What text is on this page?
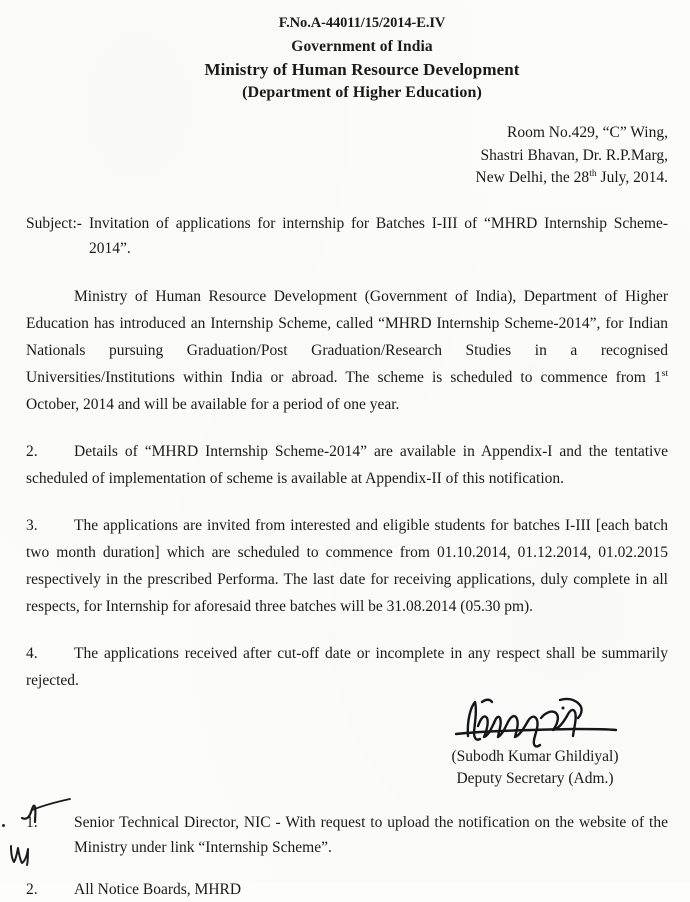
F.No.A-44011/15/2014-E.IV
Government of India
Ministry of Human Resource Development
(Department of Higher Education)
Room No.429, “C” Wing,
Shastri Bhavan, Dr. R.P.Marg,
New Delhi, the 28th July, 2014.
Subject:- Invitation of applications for internship for Batches I-III of “MHRD Internship Scheme-2014”.

Ministry of Human Resource Development (Government of India), Department of Higher Education has introduced an Internship Scheme, called “MHRD Internship Scheme-2014”, for Indian Nationals pursuing Graduation/Post Graduation/Research Studies in a recognised Universities/Institutions within India or abroad. The scheme is scheduled to commence from 1st October, 2014 and will be available for a period of one year.

2. Details of “MHRD Internship Scheme-2014” are available in Appendix-I and the tentative scheduled of implementation of scheme is available at Appendix-II of this notification.

3. The applications are invited from interested and eligible students for batches I-III [each batch two month duration] which are scheduled to commence from 01.10.2014, 01.12.2014, 01.02.2015 respectively in the prescribed Performa. The last date for receiving applications, duly complete in all respects, for Internship for aforesaid three batches will be 31.08.2014 (05.30 pm).

4. The applications received after cut-off date or incomplete in any respect shall be summarily rejected.

(Subodh Kumar Ghildiyal)
Deputy Secretary (Adm.)
1.	Senior Technical Director, NIC - With request to upload the notification on the website of the Ministry under link “Internship Scheme”.
2.	All Notice Boards, MHRD
